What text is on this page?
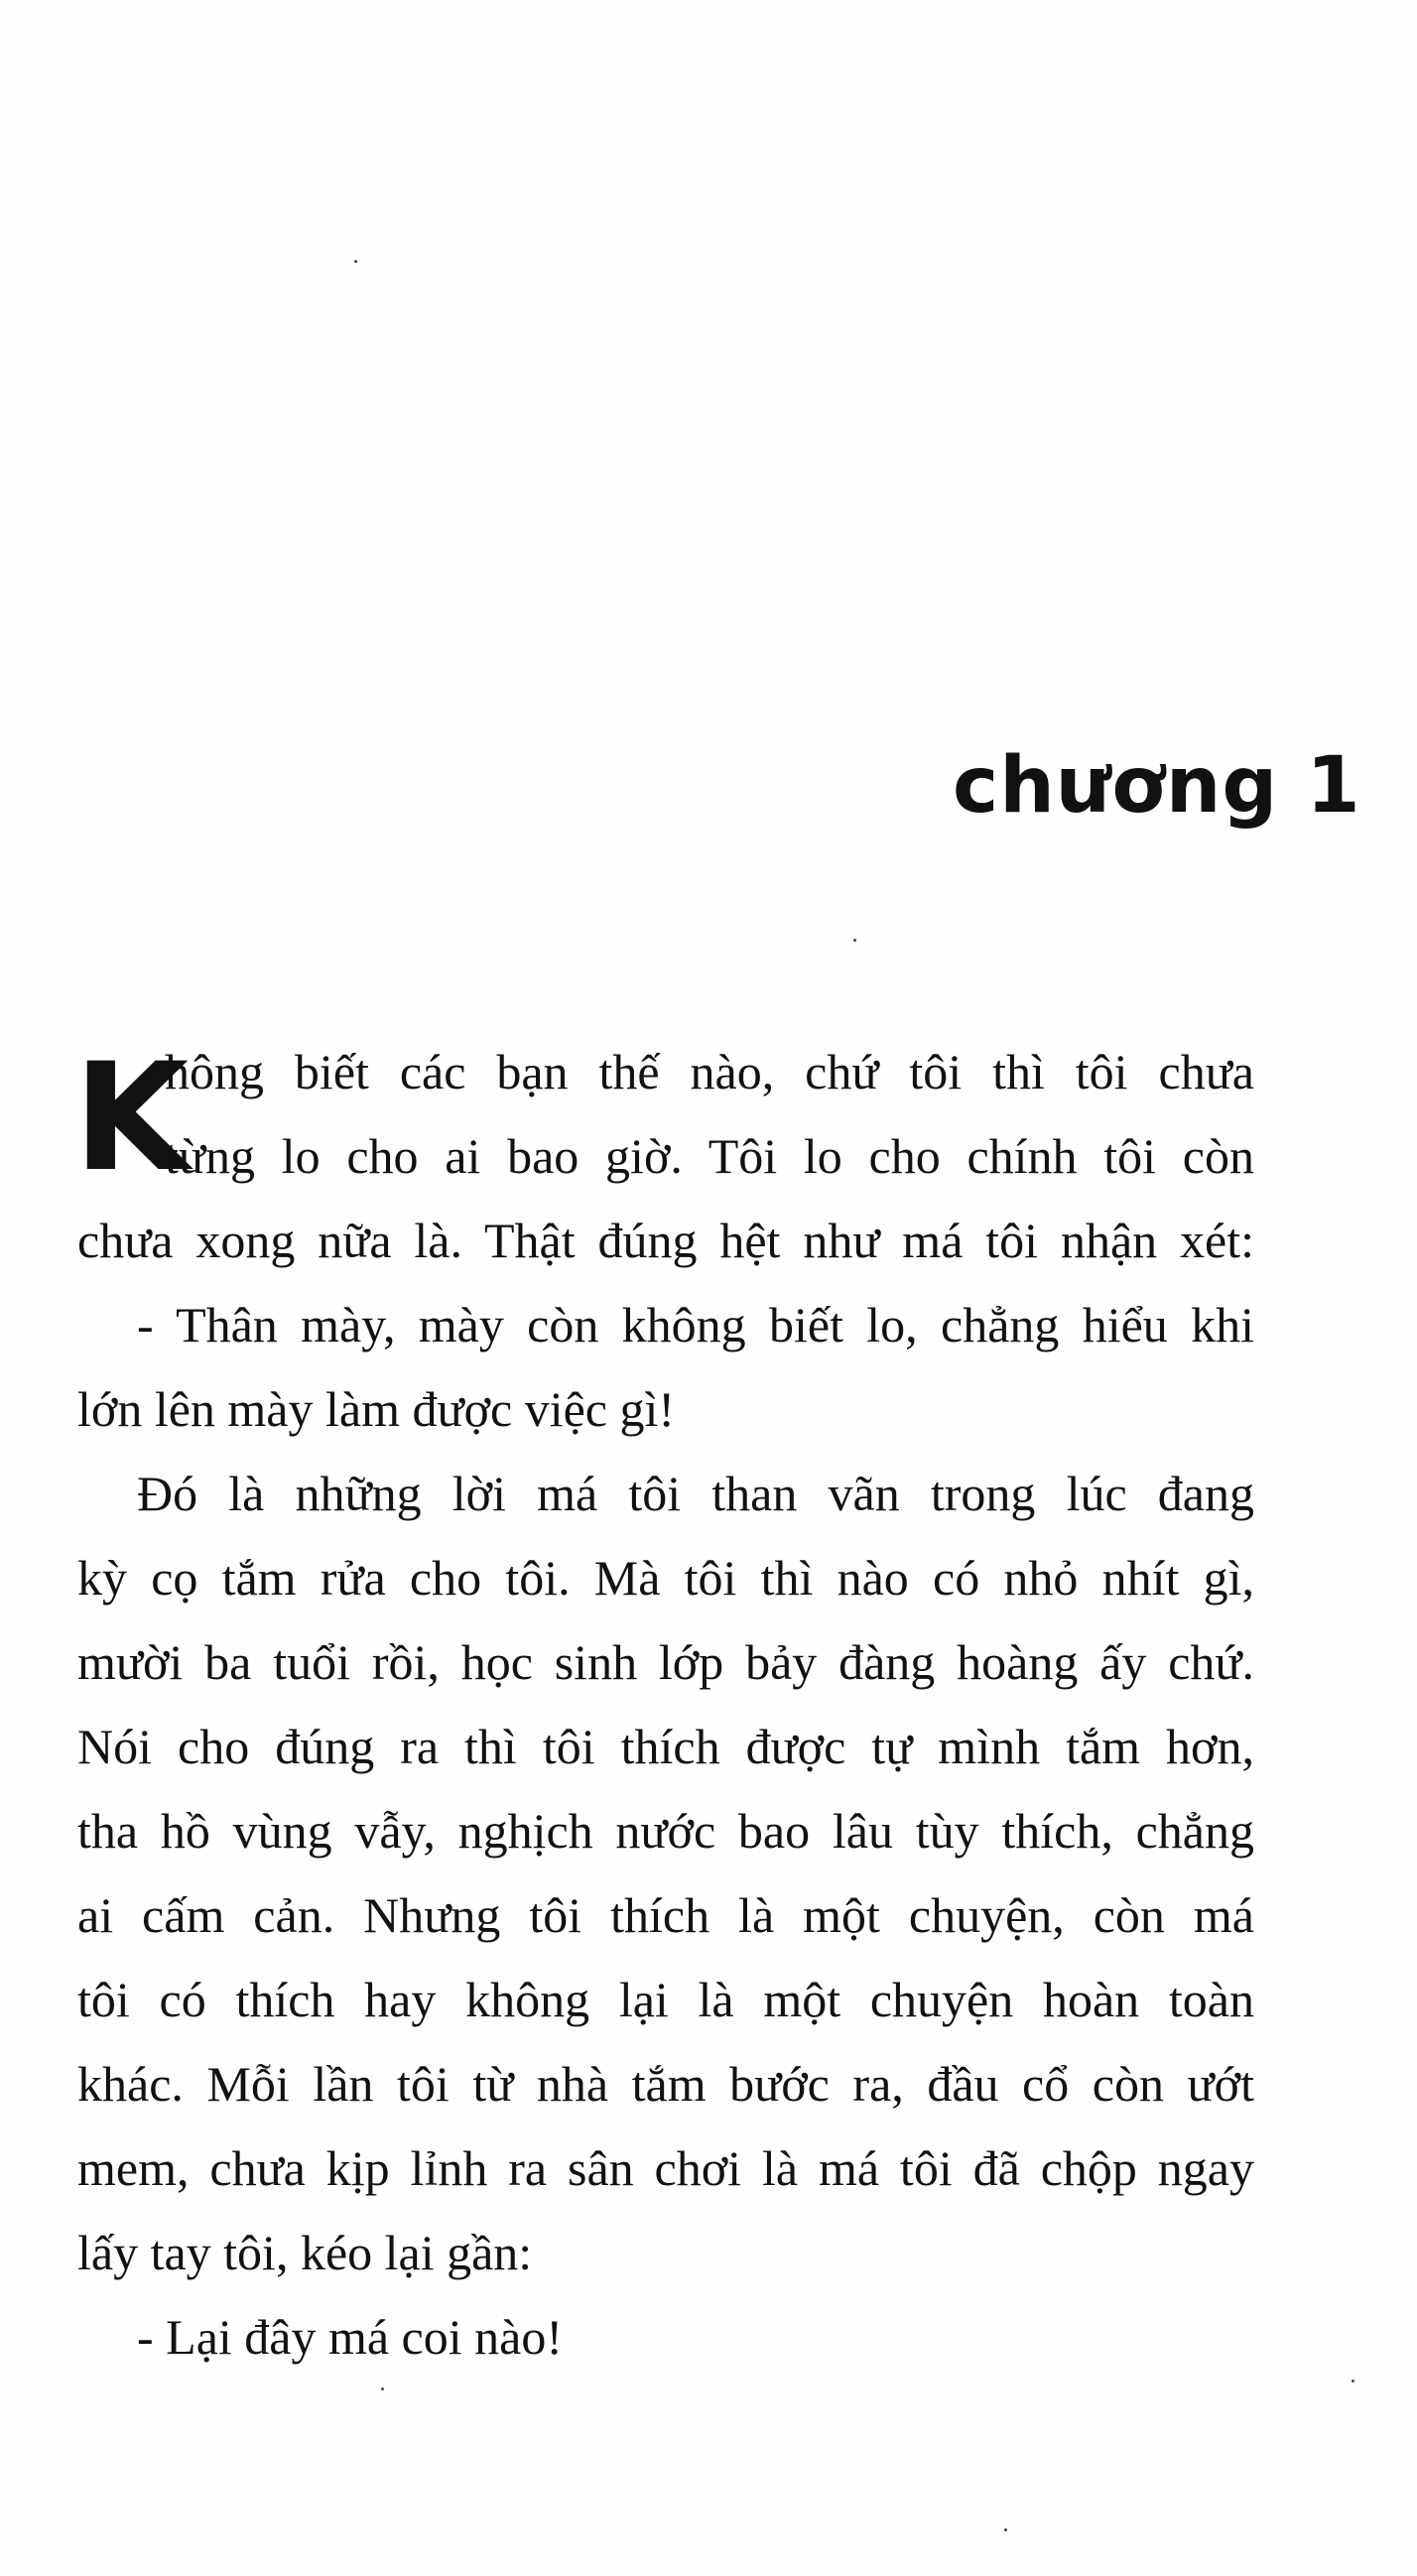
chương 1

K
hông biết các bạn thế nào, chứ tôi thì tôi chưa
từng lo cho ai bao giờ. Tôi lo cho chính tôi còn
chưa xong nữa là. Thật đúng hệt như má tôi nhận xét:

- Thân mày, mày còn không biết lo, chẳng hiểu khi
lớn lên mày làm được việc gì!

Đó là những lời má tôi than vãn trong lúc đang
kỳ cọ tắm rửa cho tôi. Mà tôi thì nào có nhỏ nhít gì,
mười ba tuổi rồi, học sinh lớp bảy đàng hoàng ấy chứ.
Nói cho đúng ra thì tôi thích được tự mình tắm hơn,
tha hồ vùng vẫy, nghịch nước bao lâu tùy thích, chẳng
ai cấm cản. Nhưng tôi thích là một chuyện, còn má
tôi có thích hay không lại là một chuyện hoàn toàn
khác. Mỗi lần tôi từ nhà tắm bước ra, đầu cổ còn ướt
mem, chưa kịp lỉnh ra sân chơi là má tôi đã chộp ngay
lấy tay tôi, kéo lại gần:

- Lại đây má coi nào!
